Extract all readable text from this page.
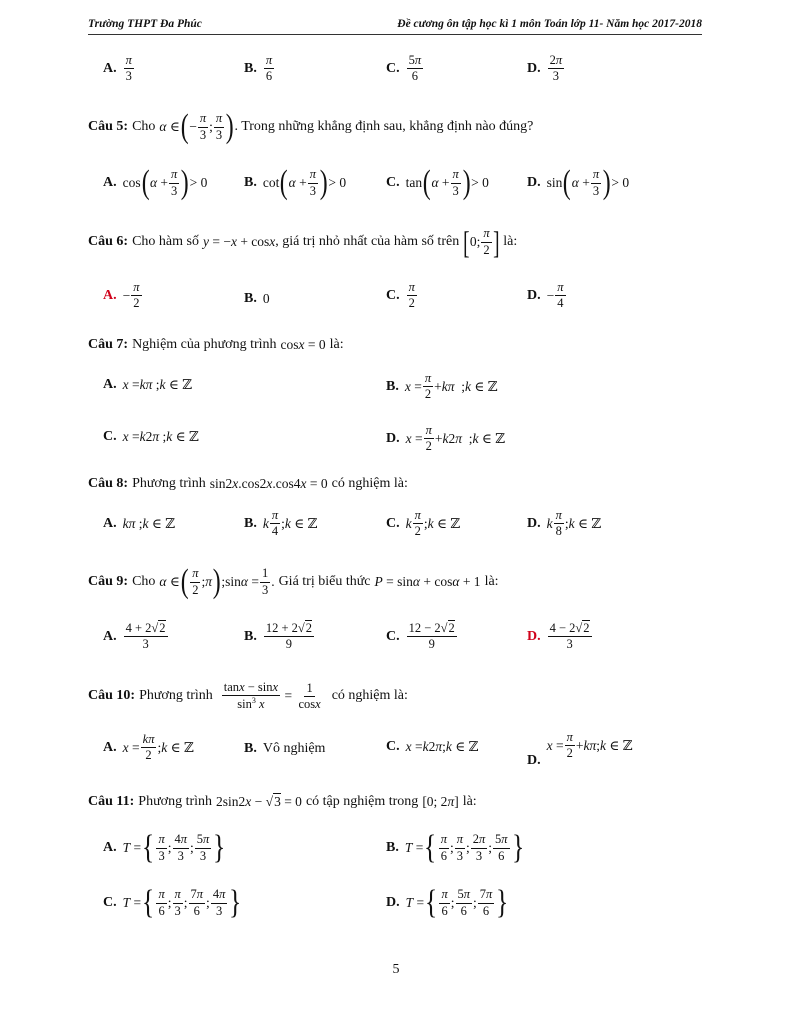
Trường THPT Đa Phúc	Đề cương ôn tập học kì 1 môn Toán lớp 11- Năm học 2017-2018
A. $\frac{\pi}{3}$	B. $\frac{\pi}{6}$	C. $\frac{5\pi}{6}$	D. $\frac{2\pi}{3}$
Câu 5: Cho α ∈ ( − $\frac{\pi}{3}$ ; $\frac{\pi}{3}$ ) . Trong những khẳng định sau, khẳng định nào đúng?
A. cos ( $\alpha + \frac{\pi}{3}$ ) > 0	B. cot ( $\alpha + \frac{\pi}{3}$ ) > 0	C. tan ( $\alpha + \frac{\pi}{3}$ ) > 0	D. sin ( $\alpha + \frac{\pi}{3}$ ) > 0
Câu 6: Cho hàm số y = − x + cos x , giá trị nhỏ nhất của hàm số trên [ 0; $\frac{\pi}{2}$ ] là:
A. − $\frac{\pi}{2}$	B. 0	C. $\frac{\pi}{2}$	D. − $\frac{\pi}{4}$
Câu 7: Nghiệm của phương trình cos x = 0 là:
A. x = k π ; k ∈ ℤ	B. $x = \frac{\pi}{2} + k$ π ; k ∈ ℤ
C. x = k 2 π ; k ∈ ℤ	D. $x = \frac{\pi}{2} + k$ 2 π ; k ∈ ℤ
Câu 8: Phương trình sin2 x .cos2 x .cos4 x = 0 có nghiệm là:
A. k π ; k ∈ ℤ	B. k $\frac{\pi}{4}$ ; k ∈ ℤ	C. k $\frac{\pi}{2}$ ; k ∈ ℤ	D. k $\frac{\pi}{8}$ ; k ∈ ℤ
Câu 9: Cho α ∈ ( $\frac{\pi}{2}$ ; π ) ;sin $\alpha = \frac{1}{3}$ . Giá trị biểu thức P = sin α + cos α + 1 là:
A. $\frac{4 + 2√2}{3}$	B. $\frac{12 + 2√2}{9}$	C. $\frac{12 - 2√2}{9}$	D. $\frac{4 - 2√2}{3}$
Câu 10: Phương trình $\frac{\tan x - \sin x}{\sin^3 x} = \frac{1}{\cos x}$ có nghiệm là:
A. $x = \frac{k\pi}{2}$ ; k ∈ ℤ	B. Vô nghiệm	C. x = k 2 π ; k ∈ ℤ
D.
$x = \frac{\pi}{2} + k$ π ; k ∈ ℤ
Câu 11: Phương trình 2sin2 x − √ 3 = 0 có tập nghiệm trong [0; 2 π ] là:
A. T = { $\frac{\pi}{3}$ ; $\frac{4\pi}{3}$ ; $\frac{5\pi}{3}$ }	B. T = { $\frac{\pi}{6}$ ; $\frac{\pi}{3}$ ; $\frac{2\pi}{3}$ ; $\frac{5\pi}{6}$ }
C. T = { $\frac{\pi}{6}$ ; $\frac{\pi}{3}$ ; $\frac{7\pi}{6}$ ; $\frac{4\pi}{3}$ }	D. T = { $\frac{\pi}{6}$ ; $\frac{5\pi}{6}$ ; $\frac{7\pi}{6}$ }
5
